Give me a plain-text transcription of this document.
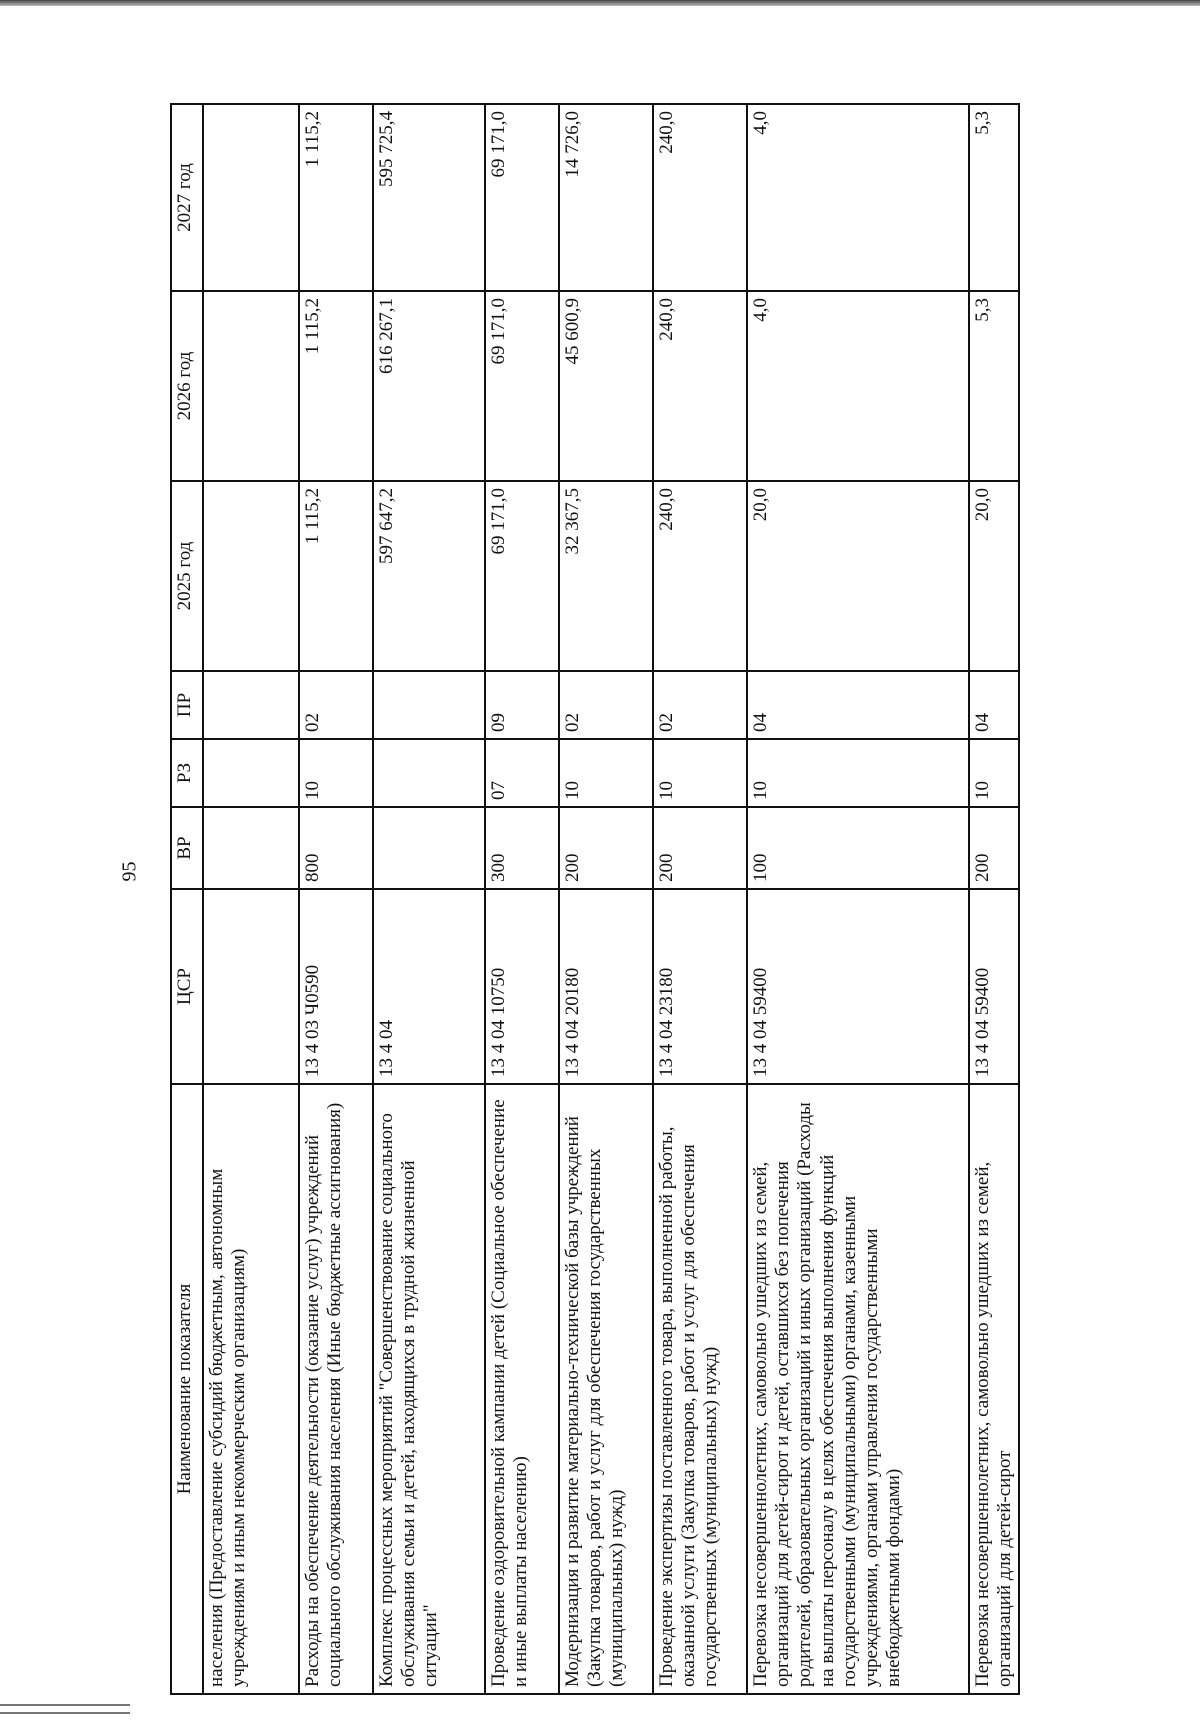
95
Наименование показателя	ЦСР	ВР	РЗ	ПР	2025 год	2026 год	2027 год
населения (Предоставление субсидий бюджетным, автономным учреждениям и иным некоммерческим организациям)							
Расходы на обеспечение деятельности (оказание услуг) учреждений социального обслуживания населения (Иные бюджетные ассигнования)	13 4 03 Ч0590	800	10	02	1 115,2	1 115,2	1 115,2
Комплекс процессных мероприятий "Совершенствование социального обслуживания семьи и детей, находящихся в трудной жизненной ситуации"	13 4 04				597 647,2	616 267,1	595 725,4
Проведение оздоровительной кампании детей (Социальное обеспечение и иные выплаты населению)	13 4 04 10750	300	07	09	69 171,0	69 171,0	69 171,0
Модернизация и развитие материально-технической базы учреждений (Закупка товаров, работ и услуг для обеспечения государственных (муниципальных) нужд)	13 4 04 20180	200	10	02	32 367,5	45 600,9	14 726,0
Проведение экспертизы поставленного товара, выполненной работы, оказанной услуги (Закупка товаров, работ и услуг для обеспечения государственных (муниципальных) нужд)	13 4 04 23180	200	10	02	240,0	240,0	240,0
Перевозка несовершеннолетних, самовольно ушедших из семей, организаций для детей-сирот и детей, оставшихся без попечения родителей, образовательных организаций и иных организаций (Расходы на выплаты персоналу в целях обеспечения выполнения функций государственными (муниципальными) органами, казенными учреждениями, органами управления государственными внебюджетными фондами)	13 4 04 59400	100	10	04	20,0	4,0	4,0
Перевозка несовершеннолетних, самовольно ушедших из семей, организаций для детей-сирот	13 4 04 59400	200	10	04	20,0	5,3	5,3
